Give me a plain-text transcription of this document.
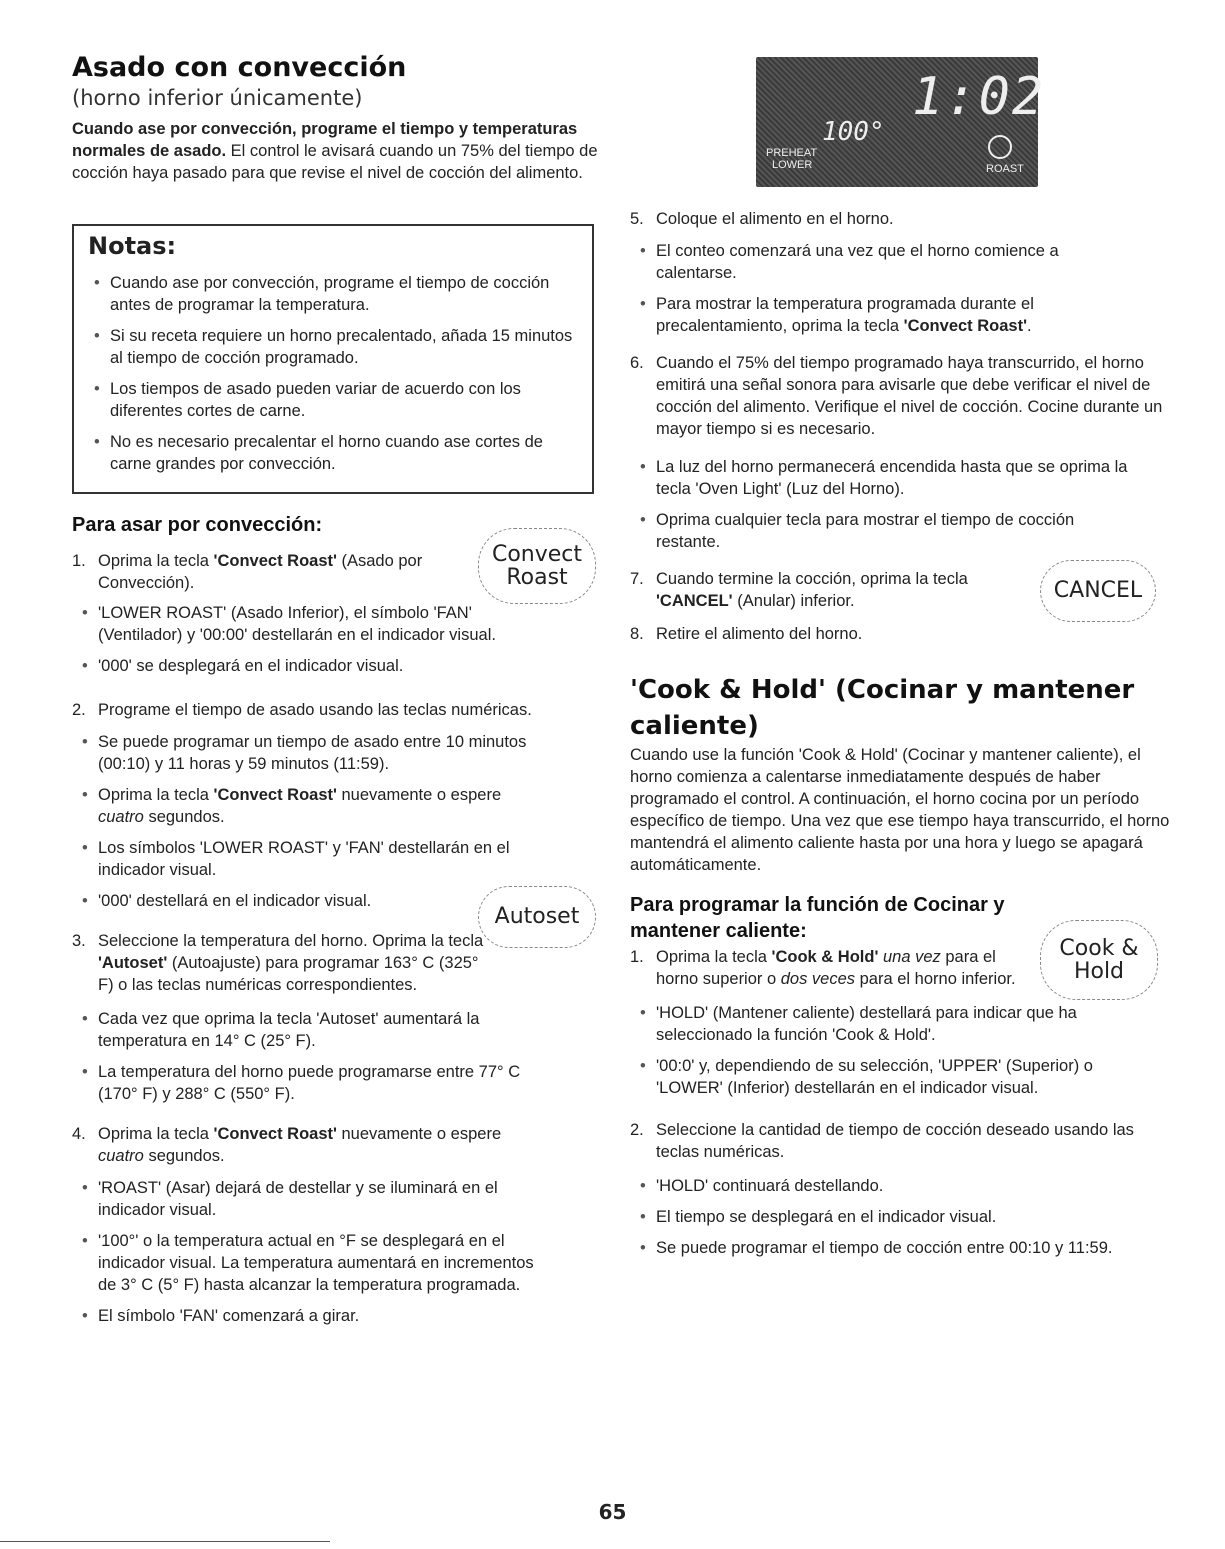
Asado con convección
(horno inferior únicamente)
Cuando ase por convección, programe el tiempo y temperaturas normales de asado. El control le avisará cuando un 75% del tiempo de cocción haya pasado para que revise el nivel de cocción del alimento.
Notas:
• Cuando ase por convección, programe el tiempo de cocción antes de programar la temperatura.
• Si su receta requiere un horno precalentado, añada 15 minutos al tiempo de cocción programado.
• Los tiempos de asado pueden variar de acuerdo con los diferentes cortes de carne.
• No es necesario precalentar el horno cuando ase cortes de carne grandes por convección.
Para asar por convección:
Convect
Roast
1. Oprima la tecla 'Convect Roast' (Asado por Convección).
• 'LOWER ROAST' (Asado Inferior), el símbolo 'FAN' (Ventilador) y '00:00' destellarán en el indicador visual.
• '000' se desplegará en el indicador visual.
2. Programe el tiempo de asado usando las teclas numéricas.
• Se puede programar un tiempo de asado entre 10 minutos (00:10) y 11 horas y 59 minutos (11:59).
• Oprima la tecla 'Convect Roast' nuevamente o espere cuatro segundos.
• Los símbolos 'LOWER ROAST' y 'FAN' destellarán en el indicador visual.
• '000' destellará en el indicador visual.
Autoset
3. Seleccione la temperatura del horno. Oprima la tecla 'Autoset' (Autoajuste) para programar 163° C (325° F) o las teclas numéricas correspondientes.
• Cada vez que oprima la tecla 'Autoset' aumentará la temperatura en 14° C (25° F).
• La temperatura del horno puede programarse entre 77° C (170° F) y 288° C (550° F).
4. Oprima la tecla 'Convect Roast' nuevamente o espere cuatro segundos.
• 'ROAST' (Asar) dejará de destellar y se iluminará en el indicador visual.
• '100°' o la temperatura actual en °F se desplegará en el indicador visual. La temperatura aumentará en incrementos de 3° C (5° F) hasta alcanzar la temperatura programada.
• El símbolo 'FAN' comenzará a girar.
1:02
100°
PREHEAT
LOWER	ROAST
5. Coloque el alimento en el horno.
• El conteo comenzará una vez que el horno comience a calentarse.
• Para mostrar la temperatura programada durante el precalentamiento, oprima la tecla 'Convect Roast'.
6. Cuando el 75% del tiempo programado haya transcurrido, el horno emitirá una señal sonora para avisarle que debe verificar el nivel de cocción del alimento. Verifique el nivel de cocción. Cocine durante un mayor tiempo si es necesario.
• La luz del horno permanecerá encendida hasta que se oprima la tecla 'Oven Light' (Luz del Horno).
• Oprima cualquier tecla para mostrar el tiempo de cocción restante.
CANCEL
7. Cuando termine la cocción, oprima la tecla 'CANCEL' (Anular) inferior.
8. Retire el alimento del horno.
'Cook & Hold' (Cocinar y mantener caliente)
Cuando use la función 'Cook & Hold' (Cocinar y mantener caliente), el horno comienza a calentarse inmediatamente después de haber programado el control. A continuación, el horno cocina por un período específico de tiempo. Una vez que ese tiempo haya transcurrido, el horno mantendrá el alimento caliente hasta por una hora y luego se apagará automáticamente.
Para programar la función de Cocinar y mantener caliente:
Cook &
Hold
1. Oprima la tecla 'Cook & Hold' una vez para el horno superior o dos veces para el horno inferior.
• 'HOLD' (Mantener caliente) destellará para indicar que ha seleccionado la función 'Cook & Hold'.
• '00:0' y, dependiendo de su selección, 'UPPER' (Superior) o 'LOWER' (Inferior) destellarán en el indicador visual.
2. Seleccione la cantidad de tiempo de cocción deseado usando las teclas numéricas.
• 'HOLD' continuará destellando.
• El tiempo se desplegará en el indicador visual.
• Se puede programar el tiempo de cocción entre 00:10 y 11:59.
65
